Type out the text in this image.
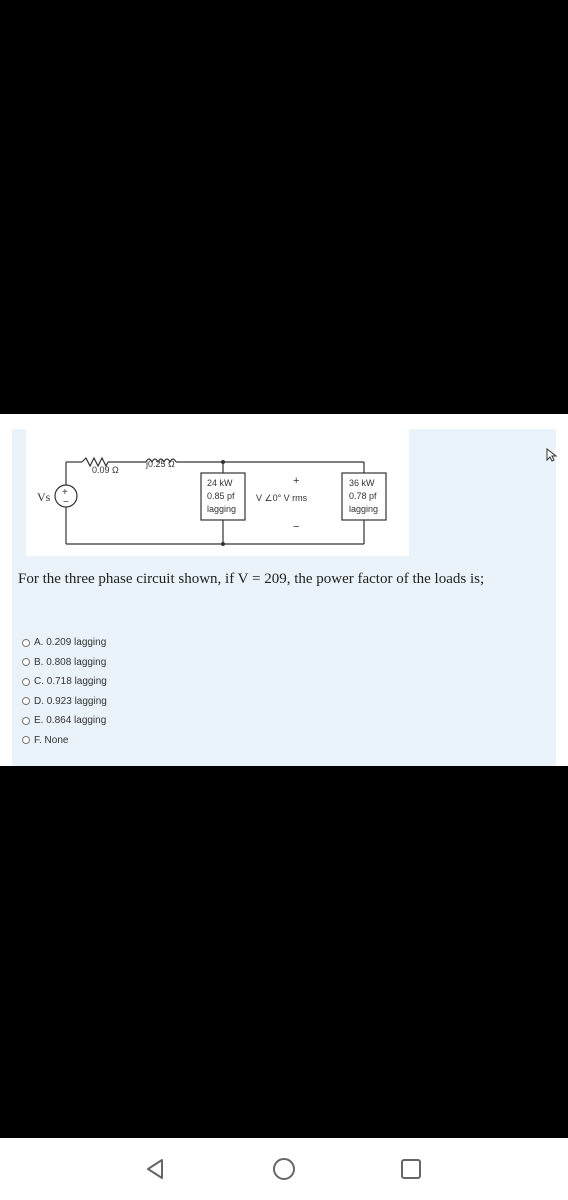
+
−
Vs
0.09 Ω
j0.25 Ω
24 kW
0.85 pf
lagging
+
V ∠0° V rms
−
36 kW
0.78 pf
lagging
For the three phase circuit shown, if V = 209, the power factor of the loads is;
A. 0.209 lagging
B. 0.808 lagging
C. 0.718 lagging
D. 0.923 lagging
E. 0.864 lagging
F. None
